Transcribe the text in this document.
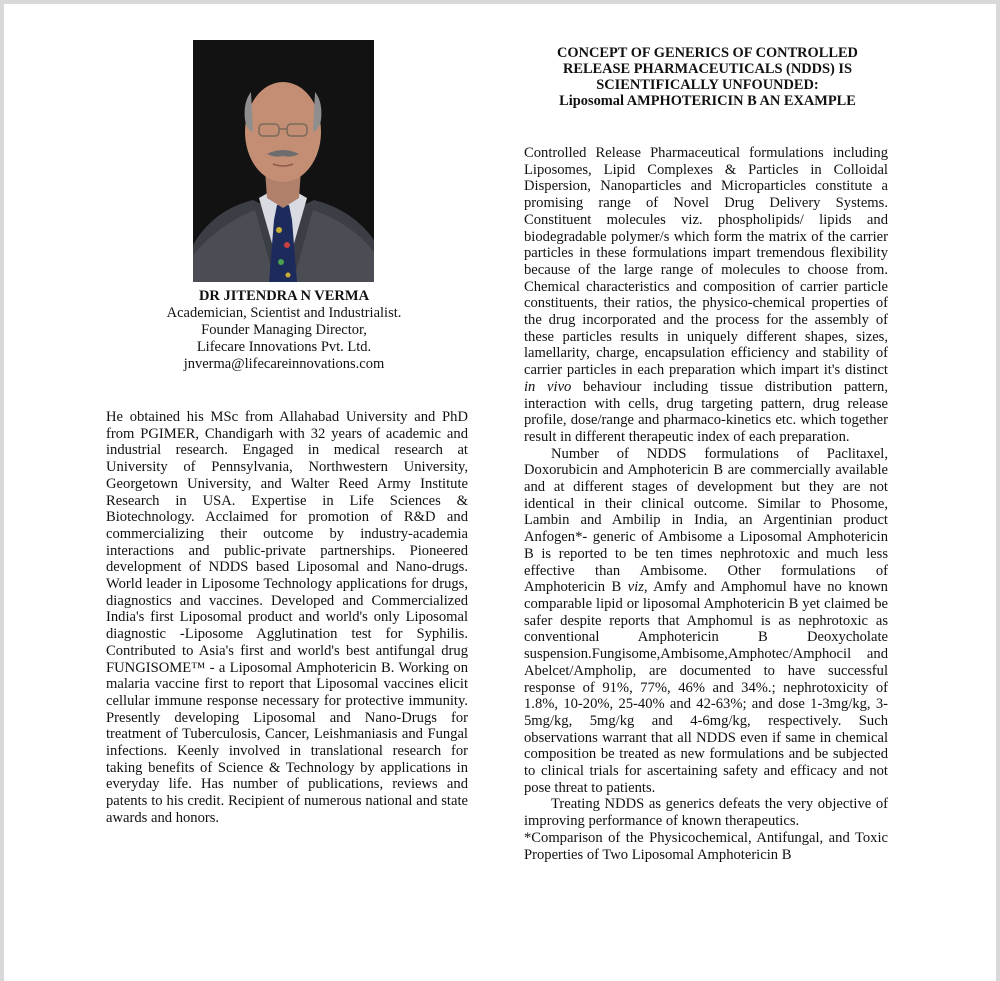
DR JITENDRA N VERMA
Academician, Scientist and Industrialist.
Founder Managing Director,
Lifecare Innovations Pvt. Ltd.
jnverma@lifecareinnovations.com
He obtained his MSc from Allahabad University and PhD from PGIMER, Chandigarh with 32 years of academic and industrial research. Engaged in medical research at University of Pennsylvania, Northwestern University, Georgetown University, and Walter Reed Army Institute Research in USA. Expertise in Life Sciences & Biotechnology. Acclaimed for promotion of R&D and commercializing their outcome by industry-academia interactions and public-private partnerships. Pioneered development of NDDS based Liposomal and Nano-drugs. World leader in Liposome Technology applications for drugs, diagnostics and vaccines. Developed and Commercialized India's first Liposomal product and world's only Liposomal diagnostic -Liposome Agglutination test for Syphilis. Contributed to Asia's first and world's best antifungal drug FUNGISOME™ - a Liposomal Amphotericin B. Working on malaria vaccine first to report that Liposomal vaccines elicit cellular immune response necessary for protective immunity. Presently developing Liposomal and Nano-Drugs for treatment of Tuberculosis, Cancer, Leishmaniasis and Fungal infections. Keenly involved in translational research for taking benefits of Science & Technology by applications in everyday life. Has number of publications, reviews and patents to his credit. Recipient of numerous national and state awards and honors.
CONCEPT OF GENERICS OF CONTROLLED
RELEASE PHARMACEUTICALS (NDDS) IS
SCIENTIFICALLY UNFOUNDED:
Liposomal AMPHOTERICIN B AN EXAMPLE

Controlled Release Pharmaceutical formulations including Liposomes, Lipid Complexes & Particles in Colloidal Dispersion, Nanoparticles and Microparticles constitute a promising range of Novel Drug Delivery Systems. Constituent molecules viz. phospholipids/ lipids and biodegradable polymer/s which form the matrix of the carrier particles in these formulations impart tremendous flexibility because of the large range of molecules to choose from. Chemical characteristics and composition of carrier particle constituents, their ratios, the physico-chemical properties of the drug incorporated and the process for the assembly of these particles results in uniquely different shapes, sizes, lamellarity, charge, encapsulation efficiency and stability of carrier particles in each preparation which impart it's distinct in vivo behaviour including tissue distribution pattern, interaction with cells, drug targeting pattern, drug release profile, dose/range and pharmaco-kinetics etc. which together result in different therapeutic index of each preparation.

Number of NDDS formulations of Paclitaxel, Doxorubicin and Amphotericin B are commercially available and at different stages of development but they are not identical in their clinical outcome. Similar to Phosome, Lambin and Ambilip in India, an Argentinian product Anfogen*- generic of Ambisome a Liposomal Amphotericin B is reported to be ten times nephrotoxic and much less effective than Ambisome. Other formulations of Amphotericin B viz, Amfy and Amphomul have no known comparable lipid or liposomal Amphotericin B yet claimed be safer despite reports that Amphomul is as nephrotoxic as conventional Amphotericin B Deoxycholate suspension.Fungisome,Ambisome,Amphotec/Amphocil and Abelcet/Ampholip, are documented to have successful response of 91%, 77%, 46% and 34%.; nephrotoxicity of 1.8%, 10-20%, 25-40% and 42-63%; and dose 1-3mg/kg, 3-5mg/kg, 5mg/kg and 4-6mg/kg, respectively. Such observations warrant that all NDDS even if same in chemical composition be treated as new formulations and be subjected to clinical trials for ascertaining safety and efficacy and not pose threat to patients.

Treating NDDS as generics defeats the very objective of improving performance of known therapeutics.

*Comparison of the Physicochemical, Antifungal, and Toxic Properties of Two Liposomal Amphotericin B
